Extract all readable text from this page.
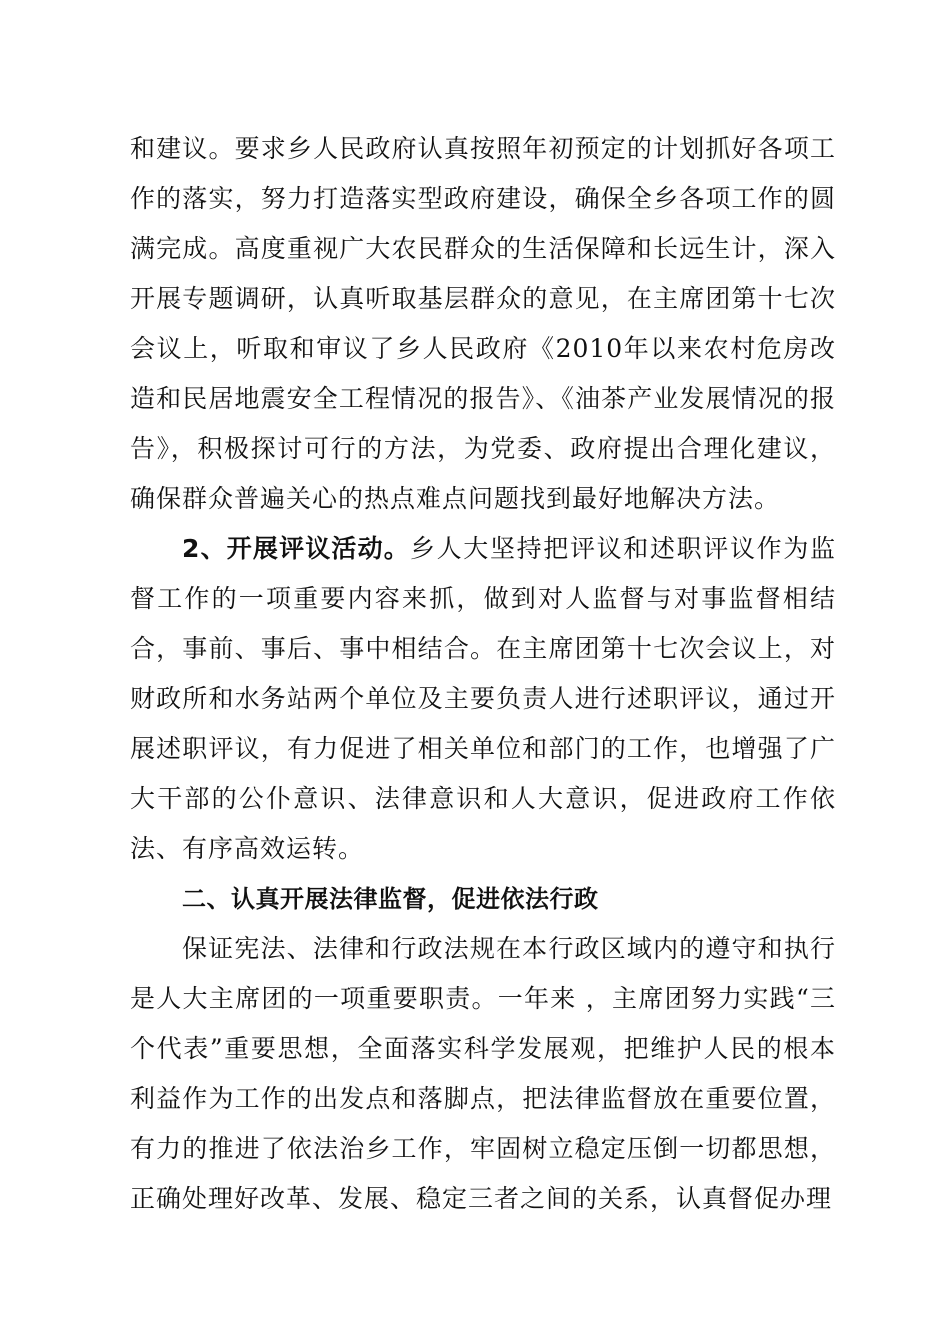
和建议。要求乡人民政府认真按照年初预定的计划抓好各项工作的落实，努力打造落实型政府建设，确保全乡各项工作的圆满完成。高度重视广大农民群众的生活保障和长远生计，深入开展专题调研，认真听取基层群众的意见，在主席团第十七次会议上，听取和审议了乡人民政府《2010年以来农村危房改造和民居地震安全工程情况的报告》、《油茶产业发展情况的报告》，积极探讨可行的方法，为党委、政府提出合理化建议，确保群众普遍关心的热点难点问题找到最好地解决方法。

2、开展评议活动。乡人大坚持把评议和述职评议作为监督工作的一项重要内容来抓，做到对人监督与对事监督相结合，事前、事后、事中相结合。在主席团第十七次会议上，对财政所和水务站两个单位及主要负责人进行述职评议，通过开展述职评议，有力促进了相关单位和部门的工作，也增强了广大干部的公仆意识、法律意识和人大意识，促进政府工作依法、有序高效运转。

二、认真开展法律监督，促进依法行政

保证宪法、法律和行政法规在本行政区域内的遵守和执行是人大主席团的一项重要职责。一年来 ，主席团努力实践“三个代表”重要思想，全面落实科学发展观，把维护人民的根本利益作为工作的出发点和落脚点，把法律监督放在重要位置，有力的推进了依法治乡工作，牢固树立稳定压倒一切都思想，正确处理好改革、发展、稳定三者之间的关系，认真督促办理
